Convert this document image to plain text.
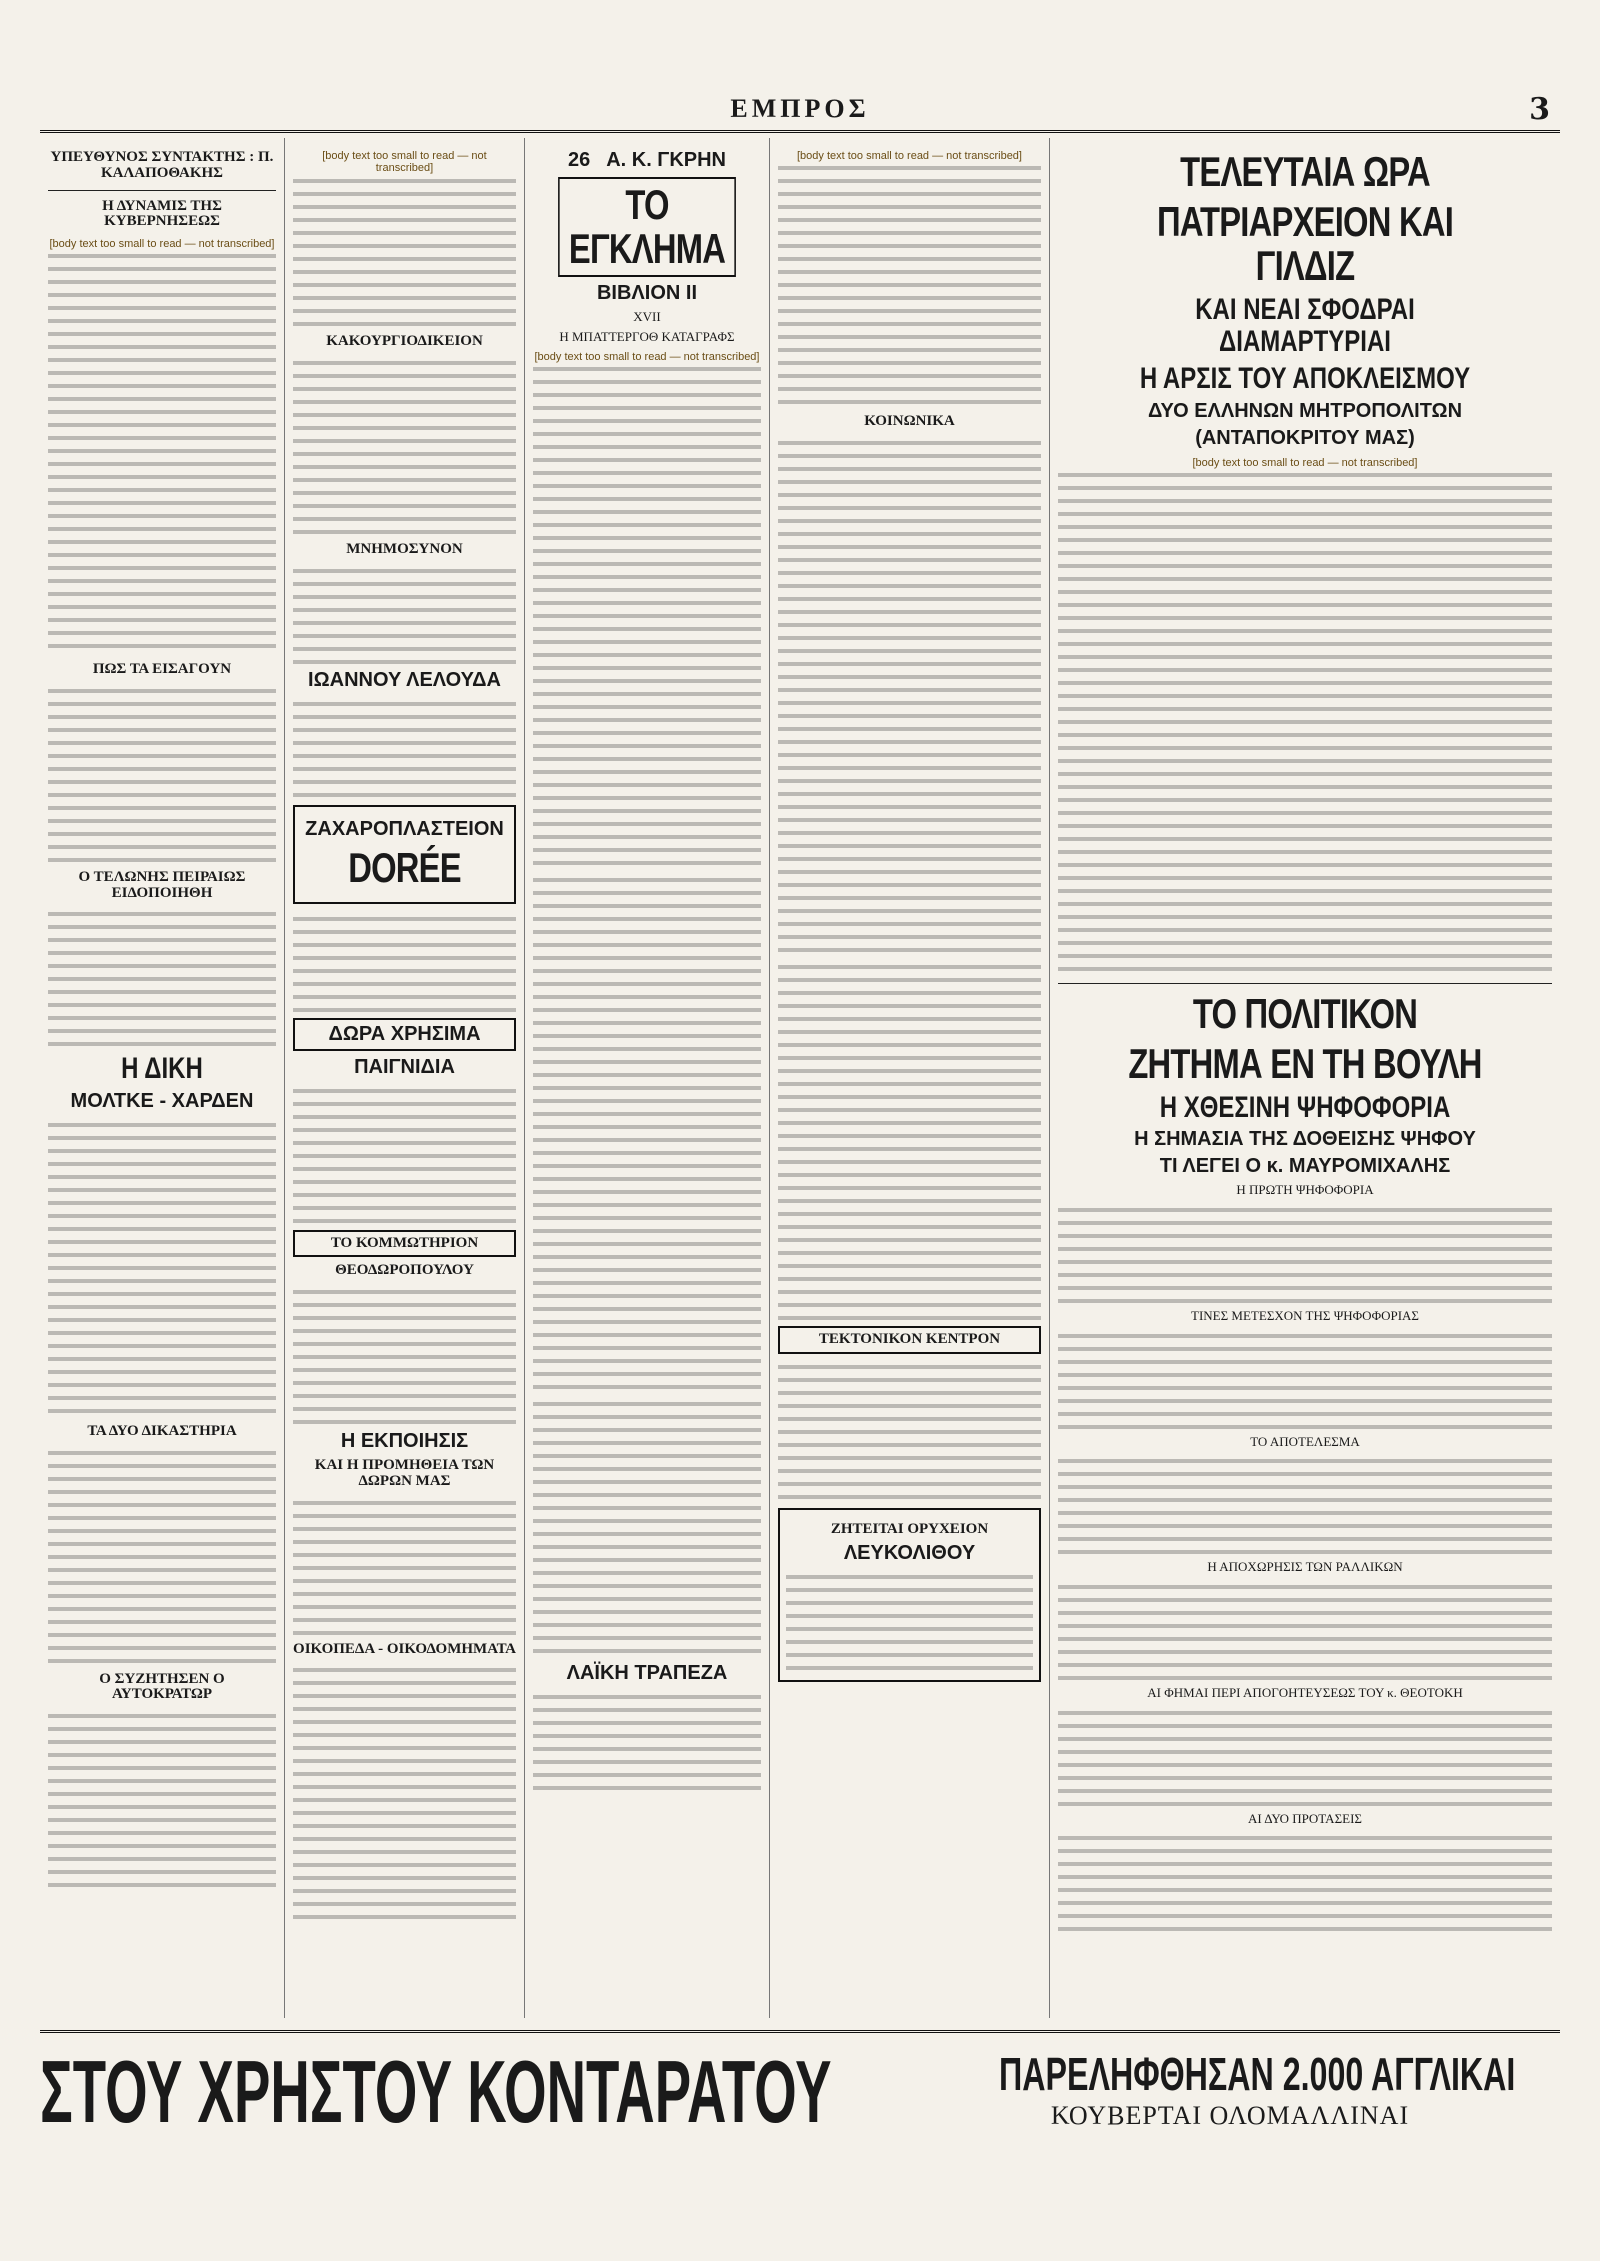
ΕΜΠΡΟΣ	3
ΥΠΕΥΘΥΝΟΣ ΣΥΝΤΑΚΤΗΣ : Π. ΚΑΛΑΠΟΘΑΚΗΣ
Η ΔΥΝΑΜΙΣ ΤΗΣ ΚΥΒΕΡΝΗΣΕΩΣ
[body text too small to read — not transcribed]
ΠΩΣ ΤΑ ΕΙΣΑΓΟΥΝ
Ο ΤΕΛΩΝΗΣ ΠΕΙΡΑΙΩΣ ΕΙΔΟΠΟΙΗΘΗ
Η ΔΙΚΗ
ΜΟΛΤΚΕ - ΧΑΡΔΕΝ
ΤΑ ΔΥΟ ΔΙΚΑΣΤΗΡΙΑ
Ο ΣΥΖΗΤΗΣΕΝ Ο ΑΥΤΟΚΡΑΤΩΡ
[body text too small to read — not transcribed]
ΚΑΚΟΥΡΓΙΟΔΙΚΕΙΟΝ
ΜΝΗΜΟΣΥΝΟΝ
ΙΩΑΝΝΟΥ ΛΕΛΟΥΔΑ
ΖΑΧΑΡΟΠΛΑΣΤΕΙΟΝ
DORÉE
ΔΩΡΑ ΧΡΗΣΙΜΑ
ΠΑΙΓΝΙΔΙΑ
ΤΟ ΚΟΜΜΩΤΗΡΙΟΝ
ΘΕΟΔΩΡΟΠΟΥΛΟΥ
Η ΕΚΠΟΙΗΣΙΣ
ΚΑΙ Η ΠΡΟΜΗΘΕΙΑ ΤΩΝ ΔΩΡΩΝ ΜΑΣ
ΟΙΚΟΠΕΔΑ - ΟΙΚΟΔΟΜΗΜΑΤΑ
26 Α. Κ. ΓΚΡΗΝ
ΤΟ ΕΓΚΛΗΜΑ
ΒΙΒΛΙΟΝ ΙΙ
XVII
Η ΜΠΑΤΤΕΡΓΟΘ ΚΑΤΑΓΡΑΦΣ
[body text too small to read — not transcribed]
ΛΑΪΚΗ ΤΡΑΠΕΖΑ
[body text too small to read — not transcribed]
ΚΟΙΝΩΝΙΚΑ
ΤΕΚΤΟΝΙΚΟΝ ΚΕΝΤΡΟΝ
ΖΗΤΕΙΤΑΙ ΟΡΥΧΕΙΟΝ
ΛΕΥΚΟΛΙΘΟΥ
ΤΕΛΕΥΤΑΙΑ ΩΡΑ
ΠΑΤΡΙΑΡΧΕΙΟΝ ΚΑΙ ΓΙΛΔΙΖ
ΚΑΙ ΝΕΑΙ ΣΦΟΔΡΑΙ ΔΙΑΜΑΡΤΥΡΙΑΙ
Η ΑΡΣΙΣ ΤΟΥ ΑΠΟΚΛΕΙΣΜΟΥ
ΔΥΟ ΕΛΛΗΝΩΝ ΜΗΤΡΟΠΟΛΙΤΩΝ
(ΑΝΤΑΠΟΚΡΙΤΟΥ ΜΑΣ)
[body text too small to read — not transcribed]
ΤΟ ΠΟΛΙΤΙΚΟΝ
ΖΗΤΗΜΑ ΕΝ ΤΗ ΒΟΥΛΗ
Η ΧΘΕΣΙΝΗ ΨΗΦΟΦΟΡΙΑ
Η ΣΗΜΑΣΙΑ ΤΗΣ ΔΟΘΕΙΣΗΣ ΨΗΦΟΥ
ΤΙ ΛΕΓΕΙ Ο κ. ΜΑΥΡΟΜΙΧΑΛΗΣ
Η ΠΡΩΤΗ ΨΗΦΟΦΟΡΙΑ
ΤΙΝΕΣ ΜΕΤΕΣΧΟΝ ΤΗΣ ΨΗΦΟΦΟΡΙΑΣ
ΤΟ ΑΠΟΤΕΛΕΣΜΑ
Η ΑΠΟΧΩΡΗΣΙΣ ΤΩΝ ΡΑΛΛΙΚΩΝ
ΑΙ ΦΗΜΑΙ ΠΕΡΙ ΑΠΟΓΟΗΤΕΥΣΕΩΣ ΤΟΥ κ. ΘΕΟΤΟΚΗ
ΑΙ ΔΥΟ ΠΡΟΤΑΣΕΙΣ
ΣΤΟΥ ΧΡΗΣΤΟΥ ΚΟΝΤΑΡΑΤΟΥ	ΠΑΡΕΛΗΦΘΗΣΑΝ 2.000 ΑΓΓΛΙΚΑΙ
ΚΟΥΒΕΡΤΑΙ ΟΛΟΜΑΛΛΙΝΑΙ
